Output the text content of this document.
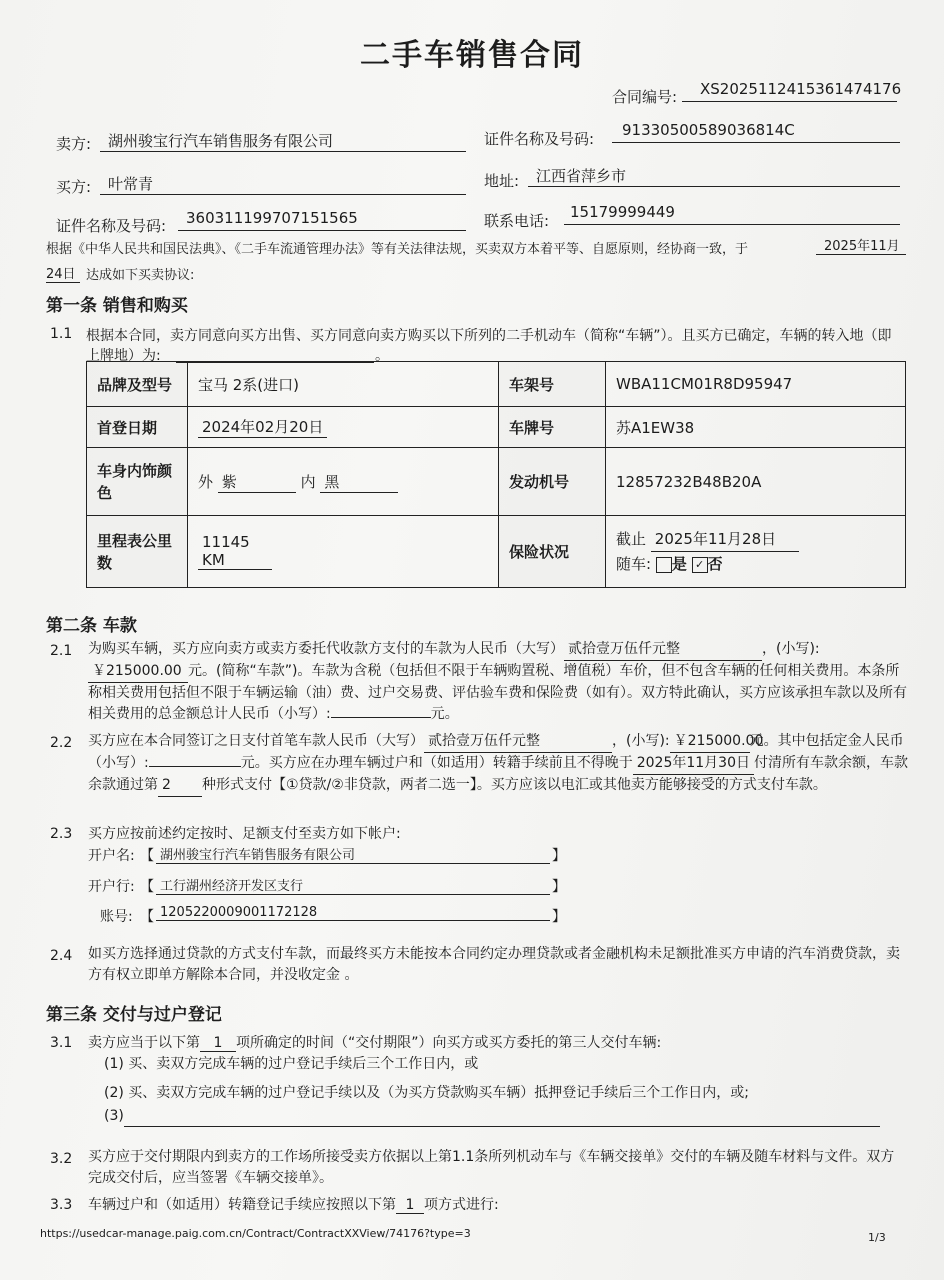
二手车销售合同
合同编号:	XS2025112415361474176
卖方:	湖州骏宝行汽车销售服务有限公司	证件名称及号码:	91330500589036814C
买方:	叶常青	地址:	江西省萍乡市
证件名称及号码:	360311199707151565	联系电话:	15179999449
根据《中华人民共和国民法典》、《二手车流通管理办法》等有关法律法规，买卖双方本着平等、自愿原则，经协商一致，于	2025年11月
24日 达成如下买卖协议:
第一条 销售和购买
1.1 根据本合同，卖方同意向买方出售、买方同意向卖方购买以下所列的二手机动车（简称“车辆”）。且买方已确定，车辆的转入地（即
上牌地）为:	。
品牌及型号	宝马 2系(进口)	车架号	WBA11CM01R8D95947
首登日期	2024年02月20日	车牌号	苏A1EW38
车身内饰颜色	外 紫 内 黑	发动机号	12857232B48B20A
里程表公里数	11145 KM	保险状况	截止 2025年11月28日
随车: 是 ✓ 否
第二条 车款
2.1 为购买车辆，买方应向卖方或卖方委托代收款方支付的车款为人民币（大写） 贰拾壹万伍仟元整	，(小写): ￥215000.00 元。(简称“车款”)。车款为含税（包括但不限于车辆购置税、增值税）车价，但不包含车辆的任何相关费用。本条所称相关费用包括但不限于车辆运输（油）费、过户交易费、评估验车费和保险费（如有）。双方特此确认，买方应该承担车款以及所有相关费用的总金额总计人民币（小写）:	元。
2.2 买方应在本合同签订之日支付首笔车款人民币（大写） 贰拾壹万伍仟元整	，(小写): ￥215000.00元。其中包括定金人民币（小写）:	元。买方应在办理车辆过户和（如适用）转籍手续前且不得晚于 2025年11月30日 付清所有车款余额，车款余款通过第 2 种形式支付【①贷款/②非贷款，两者二选一】。买方应该以电汇或其他卖方能够接受的方式支付车款。
2.3 买方应按前述约定按时、足额支付至卖方如下帐户:
开户名: 【 湖州骏宝行汽车销售服务有限公司	】
开户行: 【 工行湖州经济开发区支行	】
账号: 【 1205220009001172128	】
2.4 如买方选择通过贷款的方式支付车款，而最终买方未能按本合同约定办理贷款或者金融机构未足额批准买方申请的汽车消费贷款，卖方有权立即单方解除本合同，并没收定金 。
第三条 交付与过户登记
3.1 卖方应当于以下第 1 项所确定的时间（“交付期限”）向买方或买方委托的第三人交付车辆:
(1) 买、卖双方完成车辆的过户登记手续后三个工作日内，或
(2) 买、卖双方完成车辆的过户登记手续以及（为买方贷款购买车辆）抵押登记手续后三个工作日内，或;
(3)
3.2 买方应于交付期限内到卖方的工作场所接受卖方依据以上第1.1条所列机动车与《车辆交接单》交付的车辆及随车材料与文件。双方完成交付后，应当签署《车辆交接单》。
3.3 车辆过户和（如适用）转籍登记手续应按照以下第 1 项方式进行:
https://usedcar-manage.paig.com.cn/Contract/ContractXXView/74176?type=3	1/3
